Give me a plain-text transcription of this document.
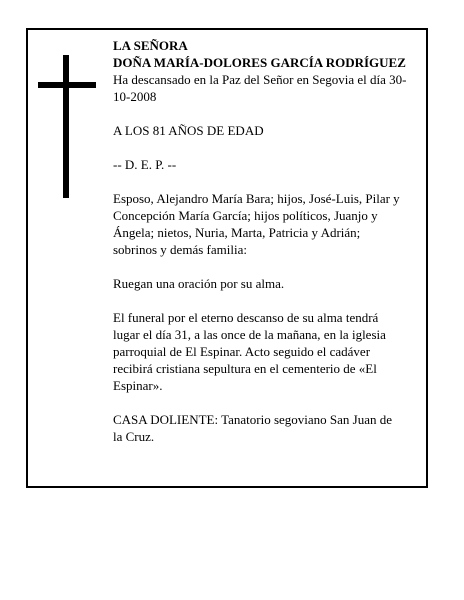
LA SEÑORA

DOÑA MARÍA-DOLORES GARCÍA RODRÍGUEZ

Ha descansado en la Paz del Señor en Segovia el día 30-
10-2008

A LOS 81 AÑOS DE EDAD

-- D. E. P. --

Esposo, Alejandro María Bara; hijos, José-Luis, Pilar y
Concepción María García; hijos políticos, Juanjo y
Ángela; nietos, Nuria, Marta, Patricia y Adrián;
sobrinos y demás familia:

Ruegan una oración por su alma.

El funeral por el eterno descanso de su alma tendrá
lugar el día 31, a las once de la mañana, en la iglesia
parroquial de El Espinar. Acto seguido el cadáver
recibirá cristiana sepultura en el cementerio de «El
Espinar».

CASA DOLIENTE: Tanatorio segoviano San Juan de
la Cruz.
